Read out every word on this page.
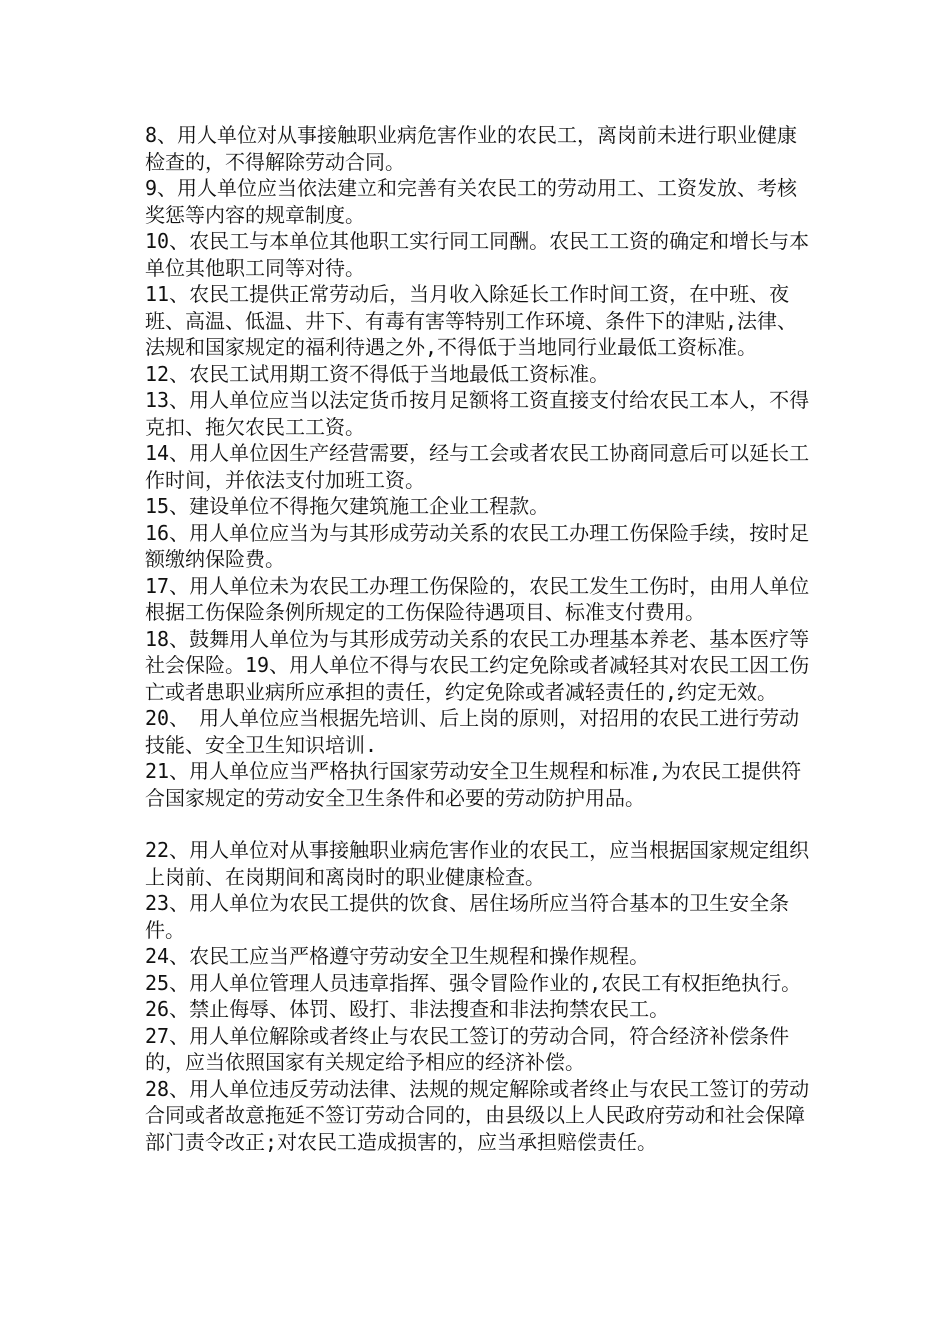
8、用人单位对从事接触职业病危害作业的农民工，离岗前未进行职业健康检查的，不得解除劳动合同。

9、用人单位应当依法建立和完善有关农民工的劳动用工、工资发放、考核奖惩等内容的规章制度。

10、农民工与本单位其他职工实行同工同酬。农民工工资的确定和增长与本单位其他职工同等对待。

11、农民工提供正常劳动后，当月收入除延长工作时间工资，在中班、夜班、高温、低温、井下、有毒有害等特别工作环境、条件下的津贴,法律、法规和国家规定的福利待遇之外,不得低于当地同行业最低工资标准。

12、农民工试用期工资不得低于当地最低工资标准。

13、用人单位应当以法定货币按月足额将工资直接支付给农民工本人，不得克扣、拖欠农民工工资。

14、用人单位因生产经营需要，经与工会或者农民工协商同意后可以延长工作时间，并依法支付加班工资。

15、建设单位不得拖欠建筑施工企业工程款。

16、用人单位应当为与其形成劳动关系的农民工办理工伤保险手续，按时足额缴纳保险费。

17、用人单位未为农民工办理工伤保险的，农民工发生工伤时，由用人单位根据工伤保险条例所规定的工伤保险待遇项目、标准支付费用。

18、鼓舞用人单位为与其形成劳动关系的农民工办理基本养老、基本医疗等社会保险。19、用人单位不得与农民工约定免除或者减轻其对农民工因工伤亡或者患职业病所应承担的责任，约定免除或者减轻责任的,约定无效。

20、　用人单位应当根据先培训、后上岗的原则，对招用的农民工进行劳动技能、安全卫生知识培训.

21、用人单位应当严格执行国家劳动安全卫生规程和标准,为农民工提供符合国家规定的劳动安全卫生条件和必要的劳动防护用品。

22、用人单位对从事接触职业病危害作业的农民工，应当根据国家规定组织上岗前、在岗期间和离岗时的职业健康检查。

23、用人单位为农民工提供的饮食、居住场所应当符合基本的卫生安全条件。

24、农民工应当严格遵守劳动安全卫生规程和操作规程。

25、用人单位管理人员违章指挥、强令冒险作业的,农民工有权拒绝执行。

26、禁止侮辱、体罚、殴打、非法搜查和非法拘禁农民工。

27、用人单位解除或者终止与农民工签订的劳动合同，符合经济补偿条件的，应当依照国家有关规定给予相应的经济补偿。

28、用人单位违反劳动法律、法规的规定解除或者终止与农民工签订的劳动合同或者故意拖延不签订劳动合同的，由县级以上人民政府劳动和社会保障部门责令改正;对农民工造成损害的，应当承担赔偿责任。
